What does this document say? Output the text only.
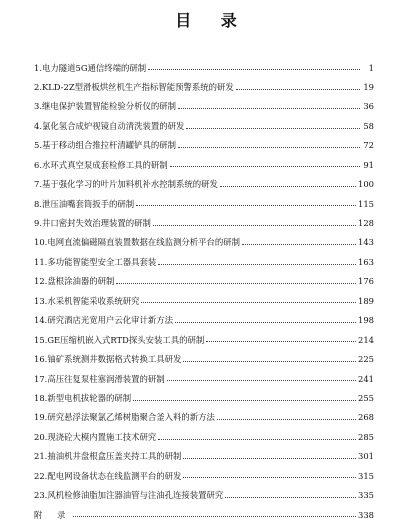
目 录
1.电力隧道5G通信终端的研制	1
2.KLD-2Z型滑板烘丝机生产指标智能预警系统的研发	19
3.继电保护装置智能检验分析仪的研制	36
4.氯化氢合成炉视镜自动清洗装置的研发	58
5.基于移动组合推拉杆清罐铲具的研制	72
6.水环式真空泵成套检修工具的研制	91
7.基于强化学习的叶片加料机补水控制系统的研发	100
8.泄压油嘴套筒扳手的研制	115
9.井口密封失效治理装置的研制	128
10.电网直流偏磁隔直装置数据在线监测分析平台的研制	143
11.多功能智能型安全工器具套装	163
12.盘根涂油器的研制	176
13.水采机智能采收系统研究	189
14.研究酒店光宽用户云化审计新方法	198
15.GE压缩机嵌入式RTD探头安装工具的研制	214
16.铀矿系统测井数据格式转换工具研发	225
17.高压往复泵柱塞润滑装置的研制	241
18.新型电机拔轮器的研制	255
19.研究悬浮法聚氯乙烯树脂聚合釜入料的新方法	268
20.现浇砼大模内置施工技术研究	285
21.抽油机井盘根盒压盖夹持工具的研制	301
22.配电网设备状态在线监测平台的研发	315
23.风机检修油脂加注器油管与注油孔连接装置研究	335
附 录	338
